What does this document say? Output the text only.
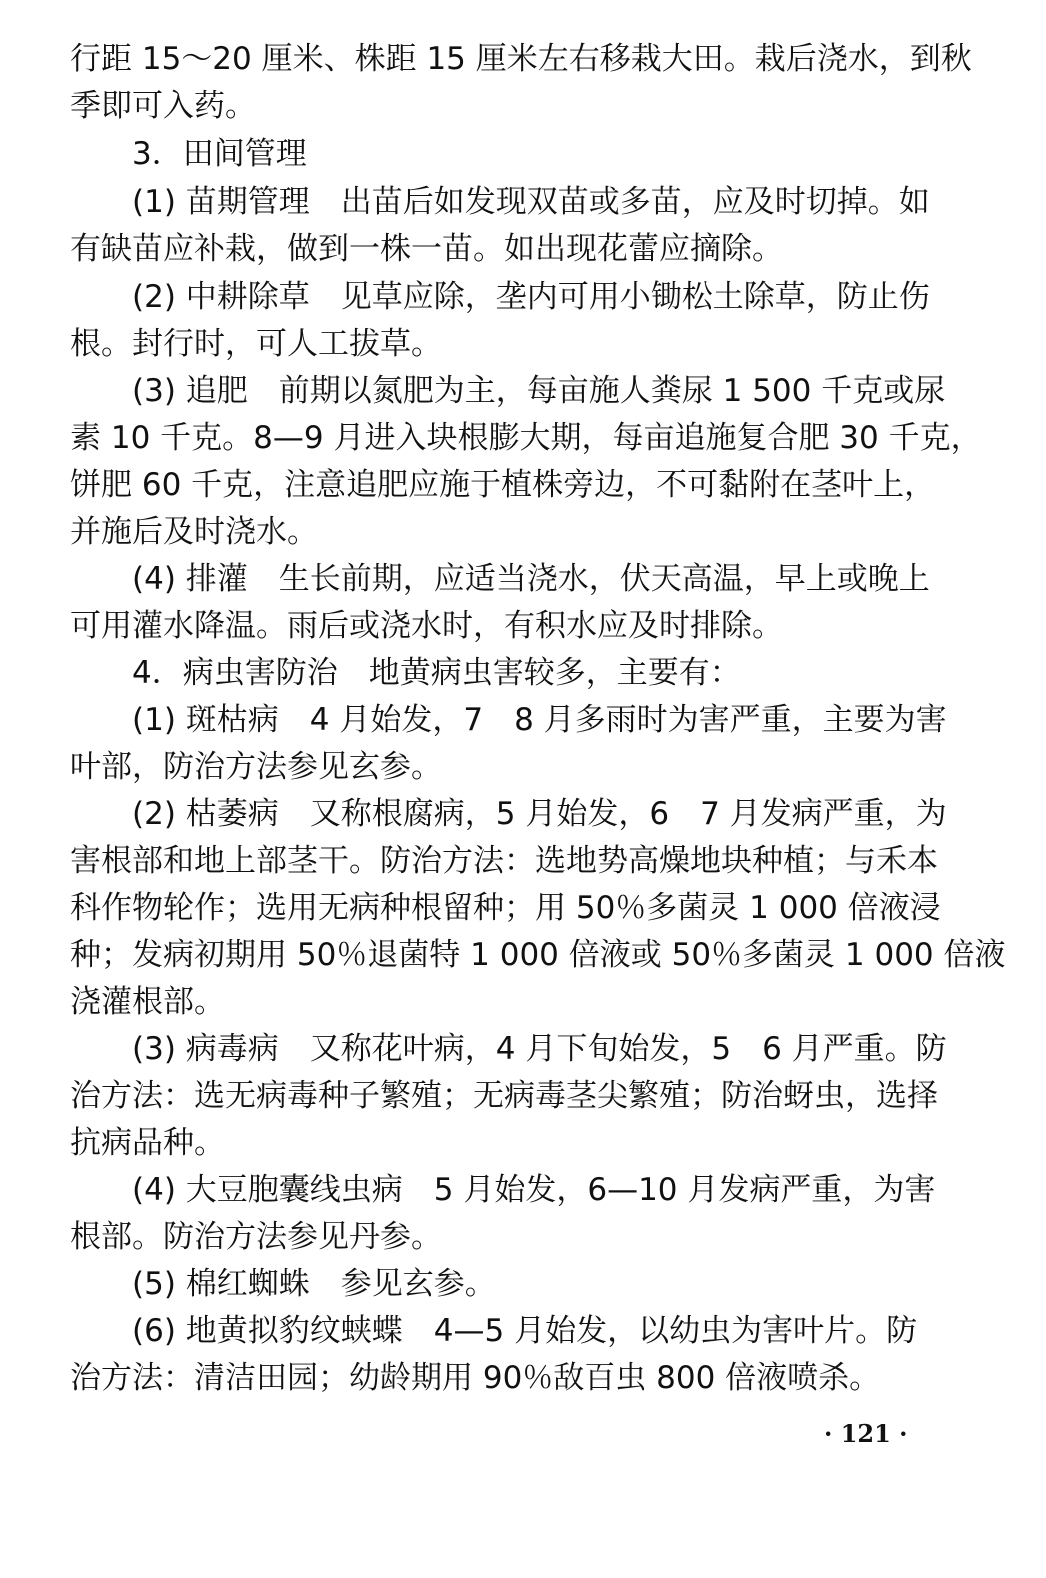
行距 15～20 厘米、株距 15 厘米左右移栽大田。栽后浇水，到秋
季即可入药。
3．田间管理
(1) 苗期管理　出苗后如发现双苗或多苗，应及时切掉。如
有缺苗应补栽，做到一株一苗。如出现花蕾应摘除。
(2) 中耕除草　见草应除，垄内可用小锄松土除草，防止伤
根。封行时，可人工拔草。
(3) 追肥　前期以氮肥为主，每亩施人粪尿 1 500 千克或尿
素 10 千克。8—9 月进入块根膨大期，每亩追施复合肥 30 千克，
饼肥 60 千克，注意追肥应施于植株旁边，不可黏附在茎叶上，
并施后及时浇水。
(4) 排灌　生长前期，应适当浇水，伏天高温，早上或晚上
可用灌水降温。雨后或浇水时，有积水应及时排除。
4．病虫害防治　地黄病虫害较多，主要有：
(1) 斑枯病　4 月始发，7　8 月多雨时为害严重，主要为害
叶部，防治方法参见玄参。
(2) 枯萎病　又称根腐病，5 月始发，6　7 月发病严重，为
害根部和地上部茎干。防治方法：选地势高燥地块种植；与禾本
科作物轮作；选用无病种根留种；用 50％多菌灵 1 000 倍液浸
种；发病初期用 50％退菌特 1 000 倍液或 50％多菌灵 1 000 倍液
浇灌根部。
(3) 病毒病　又称花叶病，4 月下旬始发，5　6 月严重。防
治方法：选无病毒种子繁殖；无病毒茎尖繁殖；防治蚜虫，选择
抗病品种。
(4) 大豆胞囊线虫病　5 月始发，6—10 月发病严重，为害
根部。防治方法参见丹参。
(5) 棉红蜘蛛　参见玄参。
(6) 地黄拟豹纹蛱蝶　4—5 月始发，以幼虫为害叶片。防
治方法：清洁田园；幼龄期用 90％敌百虫 800 倍液喷杀。
· 121 ·
